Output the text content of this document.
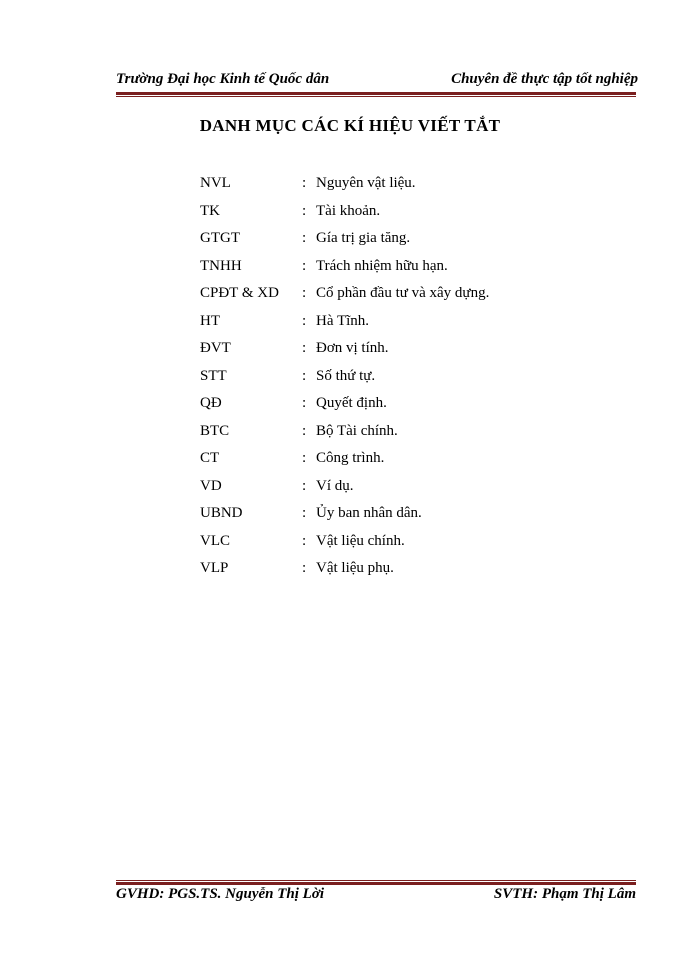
Trường Đại học Kinh tế Quốc dân	Chuyên đề thực tập tốt nghiệp
DANH MỤC CÁC KÍ HIỆU VIẾT TẮT
NVL	: Nguyên vật liệu.
TK	: Tài khoản.
GTGT	: Gía trị gia tăng.
TNHH	: Trách nhiệm hữu hạn.
CPĐT & XD : Cổ phần đầu tư và xây dựng.
HT	: Hà Tĩnh.
ĐVT	: Đơn vị tính.
STT	: Số thứ tự.
QĐ	: Quyết định.
BTC	: Bộ Tài chính.
CT	: Công trình.
VD	: Ví dụ.
UBND	: Ủy ban nhân dân.
VLC	: Vật liệu chính.
VLP	: Vật liệu phụ.
GVHD: PGS.TS. Nguyễn Thị Lời	SVTH: Phạm Thị Lâm
